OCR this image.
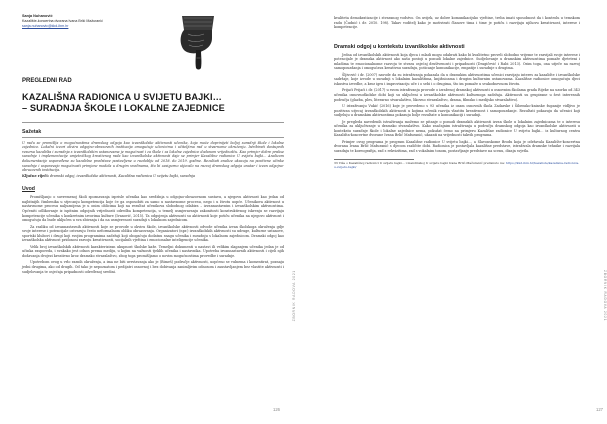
Sanja Nuhanović
Kazalište-koncertna dvorana Ivana Brlić Mažuranić
sanja.nuhanovic@kkd-ibm.hr
PREGLEDNI RAD
KAZALIŠNA RADIONICA U SVIJETU BAJKI…
– SURADNJA ŠKOLE I LOKALNE ZAJEDNICE
Sažetak

U radu se promišlja o mogućnostima dramskog odgoja kao izvanškolske aktivnosti učenika, koja može doprinijeti boljoj suradnji škole i lokalne zajednice. Lokalni izvori okvira odgojno-obrazovnih institucija omogućuje učenicima i učiteljima rad u stvarnome okruženju. Istribirati dostupnih resursa kazališta i suradnja s izvanškolskim ustanovama je mogućnost i za škole i za lokalne zajednice dodanom vrijednošću. Kao primjer dobre prakse suradnje i implementacije umjetničkog kreativnog rada kao izvanškolske aktivnosti daje se primjer Kazališne radionice U svijetu bajki… Analizom dokumentacije uspoređene su kazališne predstave postavljene u razdoblju od 2018. do 2019. godine. Rezultati analize ukazuju na pozitivne učinke suradnje i usporavajo mogućnosti primjene modela u drugim sredinama, što bi zasigurno utjecalo na razvoj dramskog odgoja unutar i izvan odgojno-obrazovnih institucija.

Ključne riječi: dramski odgoj, izvanškolske aktivnosti, Kazališna radionica U svijetu bajki, suradnja

Uvod

Promišljanjo o suvremenoj školi spoznavanja isprisle učenika kao središnja u odgojno-obrazovnom sustavu, a njegovu aktivnost kao jedan od najbitnijih čimbenika u stjecanju kompetencija koje će ga osposobiti za samo u nastavnome procesu, nego i u životu uopće. Učenikova aktivnost u nastavnome procesu naljuznijena je u onim oblicima koji na rezultat učenikova slobodnog odabira – izvannastavnim i izvanškolskim aktivnostima. Općeniti odlikovanje iz ispitnim odgojnih vrijednosti odredba kompetencija, u temelj usmjeravanju zakonitosti konstruktivnog iskrenju se razvijaju kompetencije učenika s konkretnim izvorima kulture (Ivanović, 2015). Ta odgojenja aktivnosti su aktivnosti koje potiču učenika na njegovo aktivnost i omogućuju da bude uključen u sva zbivanja i da na usmjerenost suradnji s lokalnom zajednicom.

Za razliku od izvannastavnih aktivnosti koje se provode u okviru škole, izvanškolske aktivnosti odvode učenika izvan školskoga okruženja gdje svoje interese i potencijale ostvaruju često neformalnom obliku obrazovanja. Organizatori (npr.) izvanškolskih aktivnosti su udruge, kulturne ustanove, sportski klubovi i drugi koji svojim programima sadržaji koji obogaćuju dodatnu snagu učenika i suradnju s lokalnom zajednicom. Dramski odgoj kao izvanškolska aktivnost pridonosi razvoju kreativnosti, socijalnih vještina i emocionalne inteligencije učenika.

Velik broj izvanškolskih aktivnosti karakteriziran ukupnost školske kaže. Temeljni dokumenti u nastavi ili velikim slaganjem učenika jedan je od učinka rasporeda, i svakako jest odnos prema mediju, u kojim na važnosti tjeklih učenika i nastavnika. Upotreba izvannastavnih aktivnosti i cijeli njih dodavanja dvojezi kreativno kroz dramsko stvaralaštvo, zbog toga promišljamo o novim mogućnostima provedbe i suradnje.

Upotrebom ovog u vrlo raznih okruženja, a ima ne biti uvrstavanja ako je (Bimeš) područje aktivnosti, uopćeno se vulnema i komentirat, poznaju jedni drugima, ako od drugih. Od tako je nepoznatom i pedijatri osnovnoj i bez dobivanja zanimljivim odnosom i zaustavljanjem bez vlastite aktivnosti i sudjelovanja te osjećaja pripadnosti određenoj sredini.	ZBORNIK RADOVA 2021
126

kvaliteta demokratizacije i stvaranog vodstvo. On uvijek, uz dobre komunikacijsko vještine, treba imati sposobnost da i kontrolu u temskom radu (Čudnić i dr. 2010. 198). Takav voditelj kako je motivirati članove tima i time je potiču i razvijaju njihovu kreativnost, interese i kompetencije.

Dramski odgoj u kontekstu izvanškolske aktivnosti

Jedna od izvanškolskih aktivnosti koja djeca i mladi mogu odabrati kako bi kvalitetno proveli slobodno vrijeme te razvijali svoje interese i potencijale je dramska aktivnost ako našu postoji u ponudi lokalne zajednice. Sudjelovanje u dramskim aktivnostima pomaže djeteteni i mladima te emocionalnome razvoju te stvara osjećaj društvenosti i pripadnosti (Dragičević i Rabi 2013). Osim toga, ona utječe na razvoj samopouzdanja i omogućava kreativnu suradnju, poticanje komunikacije, empatije i suradnje s drugima.

Šljivović i dr. (2007) navode da su istraživanja pokazala da u dramskim aktivnostima učenici razvijaju interes za kazalište i izvanškolske sadržaje, koje izvode u suradnji s lokalnim kazalištima, knjižnicama i drugim kulturnim ustanovama. Kazališne radionice omogućuju djeci iskustva izvedbe, a kroz igru i improvizaciju uče i o sebi i o drugima, što im pomaže u svakodnevnom životu.

Prijaći Prijaći i dr. (2017) u svom istraživanju provode o izraženoj dramskoj aktivnosti u osnovnim školama grada Rijeke na uzorku od 343 učenika osnovnoškolske dobi koji su uključeni u izvanškolske aktivnosti kulturnoga sadržaja. Aktivnosti su grupirane u šest interesnih područja (glazba, ples, literarno stvaralaštvo, likovno stvaralaštvo, drama, filmsko i medijsko stvaralaštvo).

U istraživanju Vukić (2016) koje je provedeno s 93 učenika iz osam osnovnih škola Zadarske i Šibensko-kninske županije vidljivo je pozitivan utjecaj izvanškolskih aktivnosti u kojima učenik razvija vlastitu kreativnost i samopouzdanje. Rezultati pokazuju da učenici koji sudjeluju u dramskim aktivnostima pokazuju bolje rezultate u komunikaciji i suradnji.

Je pregleda navedenih istraživanja možemo se pitanje o ponudi dramskih aktivnosti izvan škole u lokalnim zajednicama te o interesu učenika za uključivanje u dramsko stvaralaštvo. Kako značajnim istraživanja u području dramskog odgoja kao izvanškolske aktivnosti u kontekstu suradnje škole i lokalne zajednice nema, pokušat ćemo na primjeru Kazališne radionice U svijetu bajki… iz kulturnog centra Kazališta-koncertne dvorane Ivana Brlić Mažuranić, ukazati na vrijednosti takvih programa.

Primjer ovog programa je program Kazališne radionice U svijetu bajki…, a Slavonskome Brodu koja je održavala Kazalište-koncertna dvorana Ivana Brlić Mažuranić s djecom različite dobi. Radionica je postavljala kazališne predstave, istraživala dramske tehnike i razvijala suradnju te koreografija, rad s rekvizitima, rad s vokalnim tonom, postavljanje predstave na scenu, dizajn svjetla.

33 Više o Kazališnoj radionici U svijetu bajki… i mandinskoj U svijetu bajki Ivane Brlić-Mažuranić pretisnuto na: https://kkd-ibm.hr/kazaliste/kazalisna-radionica-u-svijetu-bajki/

ZBORNIK RADOVA 2021
127
